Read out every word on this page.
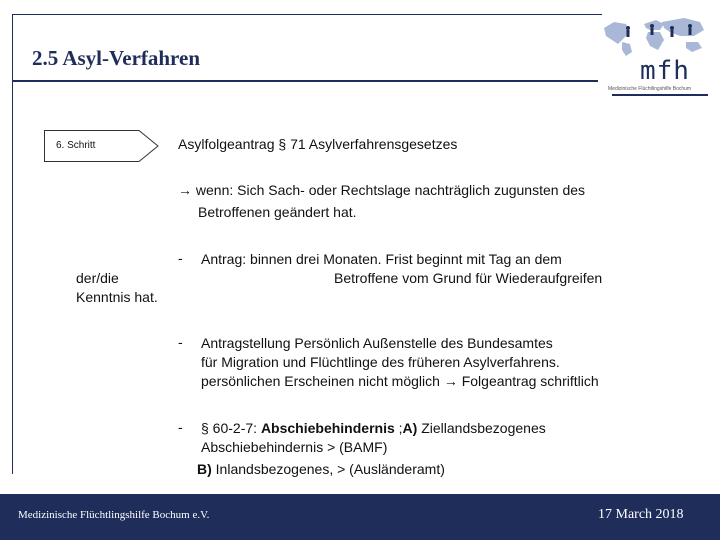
2.5 Asyl-Verfahren	mfh
Medizinische Flüchtlingshilfe Bochum
6. Schritt	Asylfolgeantrag § 71 Asylverfahrensgesetzes
→ wenn: Sich Sach- oder Rechtslage nachträglich zugunsten des
Betroffenen geändert hat.
- Antrag: binnen drei Monaten. Frist beginnt mit Tag an dem
der/die	Betroffene vom Grund für Wiederaufgreifen
Kenntnis hat.
- Antragstellung Persönlich Außenstelle des Bundesamtes
für Migration und Flüchtlinge des früheren Asylverfahrens.
persönlichen Erscheinen nicht möglich → Folgeantrag schriftlich
- § 60-2-7: Abschiebehindernis ;A) Ziellandsbezogenes
Abschiebehindernis > (BAMF)
B) Inlandsbezogenes, > (Ausländeramt)
Medizinische Flüchtlingshilfe Bochum e.V.	17 March 2018
